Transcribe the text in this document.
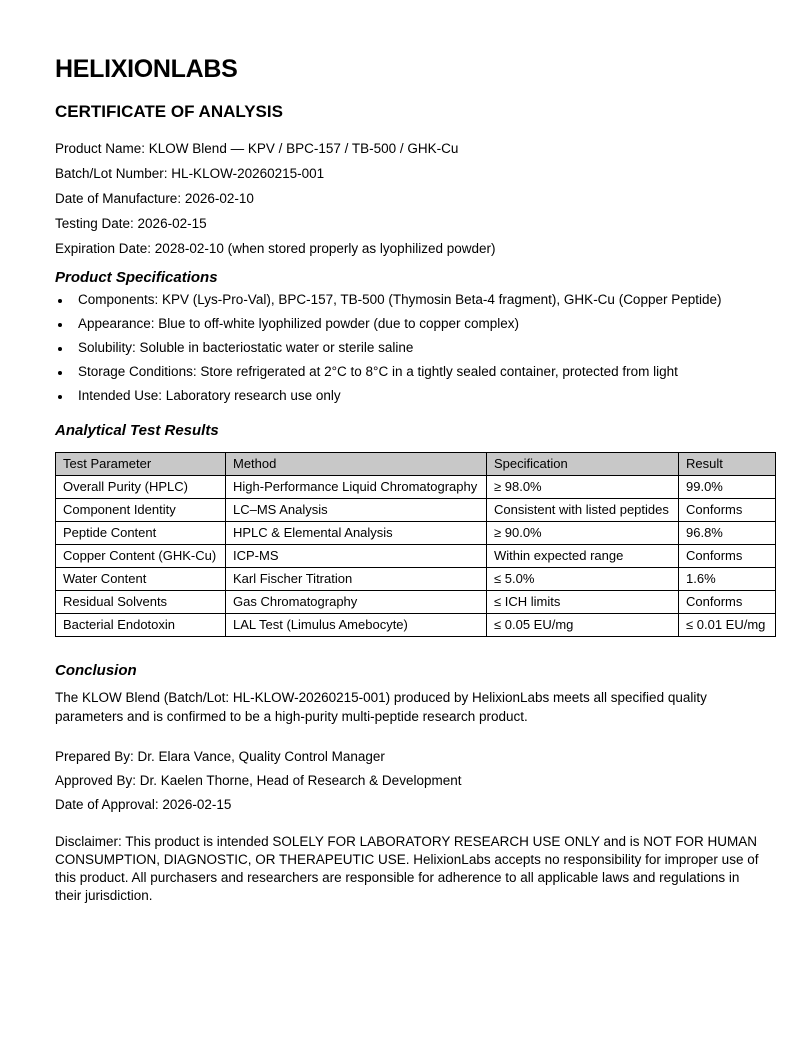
HELIXIONLABS
CERTIFICATE OF ANALYSIS

Product Name: KLOW Blend — KPV / BPC-157 / TB-500 / GHK-Cu

Batch/Lot Number: HL-KLOW-20260215-001

Date of Manufacture: 2026-02-10

Testing Date: 2026-02-15

Expiration Date: 2028-02-10 (when stored properly as lyophilized powder)

Product Specifications
Components: KPV (Lys-Pro-Val), BPC-157, TB-500 (Thymosin Beta-4 fragment), GHK-Cu (Copper Peptide)
Appearance: Blue to off-white lyophilized powder (due to copper complex)
Solubility: Soluble in bacteriostatic water or sterile saline
Storage Conditions: Store refrigerated at 2°C to 8°C in a tightly sealed container, protected from light
Intended Use: Laboratory research use only
Analytical Test Results
Test Parameter	Method	Specification	Result
Overall Purity (HPLC)	High-Performance Liquid Chromatography	≥ 98.0%	99.0%
Component Identity	LC–MS Analysis	Consistent with listed peptides	Conforms
Peptide Content	HPLC & Elemental Analysis	≥ 90.0%	96.8%
Copper Content (GHK-Cu)	ICP-MS	Within expected range	Conforms
Water Content	Karl Fischer Titration	≤ 5.0%	1.6%
Residual Solvents	Gas Chromatography	≤ ICH limits	Conforms
Bacterial Endotoxin	LAL Test (Limulus Amebocyte)	≤ 0.05 EU/mg	≤ 0.01 EU/mg
Conclusion

The KLOW Blend (Batch/Lot: HL-KLOW-20260215-001) produced by HelixionLabs meets all specified quality parameters and is confirmed to be a high-purity multi-peptide research product.

Prepared By: Dr. Elara Vance, Quality Control Manager

Approved By: Dr. Kaelen Thorne, Head of Research & Development

Date of Approval: 2026-02-15

Disclaimer: This product is intended SOLELY FOR LABORATORY RESEARCH USE ONLY and is NOT FOR HUMAN CONSUMPTION, DIAGNOSTIC, OR THERAPEUTIC USE. HelixionLabs accepts no responsibility for improper use of this product. All purchasers and researchers are responsible for adherence to all applicable laws and regulations in their jurisdiction.
